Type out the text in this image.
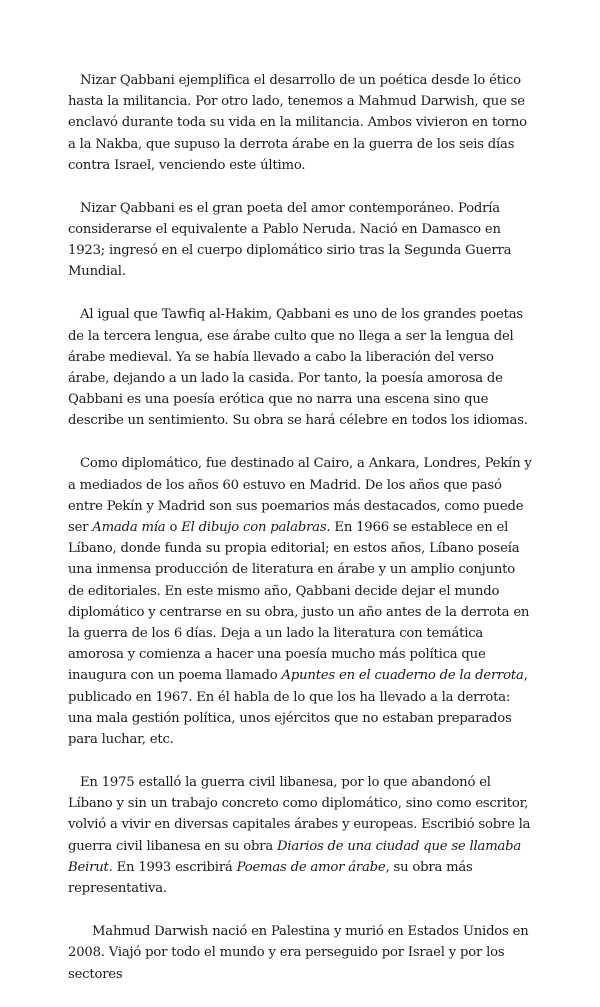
Nizar Qabbani ejemplifica el desarrollo de un poética desde lo ético hasta la militancia. Por otro lado, tenemos a Mahmud Darwish, que se enclavó durante toda su vida en la militancia. Ambos vivieron en torno a la Nakba, que supuso la derrota árabe en la guerra de los seis días contra Israel, venciendo este último.

Nizar Qabbani es el gran poeta del amor contemporáneo. Podría considerarse el equivalente a Pablo Neruda. Nació en Damasco en 1923; ingresó en el cuerpo diplomático sirio tras la Segunda Guerra Mundial.

Al igual que Tawfiq al-Hakim, Qabbani es uno de los grandes poetas de la tercera lengua, ese árabe culto que no llega a ser la lengua del árabe medieval. Ya se había llevado a cabo la liberación del verso árabe, dejando a un lado la casida. Por tanto, la poesía amorosa de Qabbani es una poesía erótica que no narra una escena sino que describe un sentimiento. Su obra se hará célebre en todos los idiomas.

Como diplomático, fue destinado al Cairo, a Ankara, Londres, Pekín y a mediados de los años 60 estuvo en Madrid. De los años que pasó entre Pekín y Madrid son sus poemarios más destacados, como puede ser Amada mía o El dibujo con palabras. En 1966 se establece en el Líbano, donde funda su propia editorial; en estos años, Líbano poseía una inmensa producción de literatura en árabe y un amplio conjunto de editoriales. En este mismo año, Qabbani decide dejar el mundo diplomático y centrarse en su obra, justo un año antes de la derrota en la guerra de los 6 días. Deja a un lado la literatura con temática amorosa y comienza a hacer una poesía mucho más política que inaugura con un poema llamado Apuntes en el cuaderno de la derrota, publicado en 1967. En él habla de lo que los ha llevado a la derrota: una mala gestión política, unos ejércitos que no estaban preparados para luchar, etc.

En 1975 estalló la guerra civil libanesa, por lo que abandonó el Líbano y sin un trabajo concreto como diplomático, sino como escritor, volvió a vivir en diversas capitales árabes y europeas. Escribió sobre la guerra civil libanesa en su obra Diarios de una ciudad que se llamaba Beirut. En 1993 escribirá Poemas de amor árabe, su obra más representativa.

Mahmud Darwish nació en Palestina y murió en Estados Unidos en 2008. Viajó por todo el mundo y era perseguido por Israel y por los sectores
